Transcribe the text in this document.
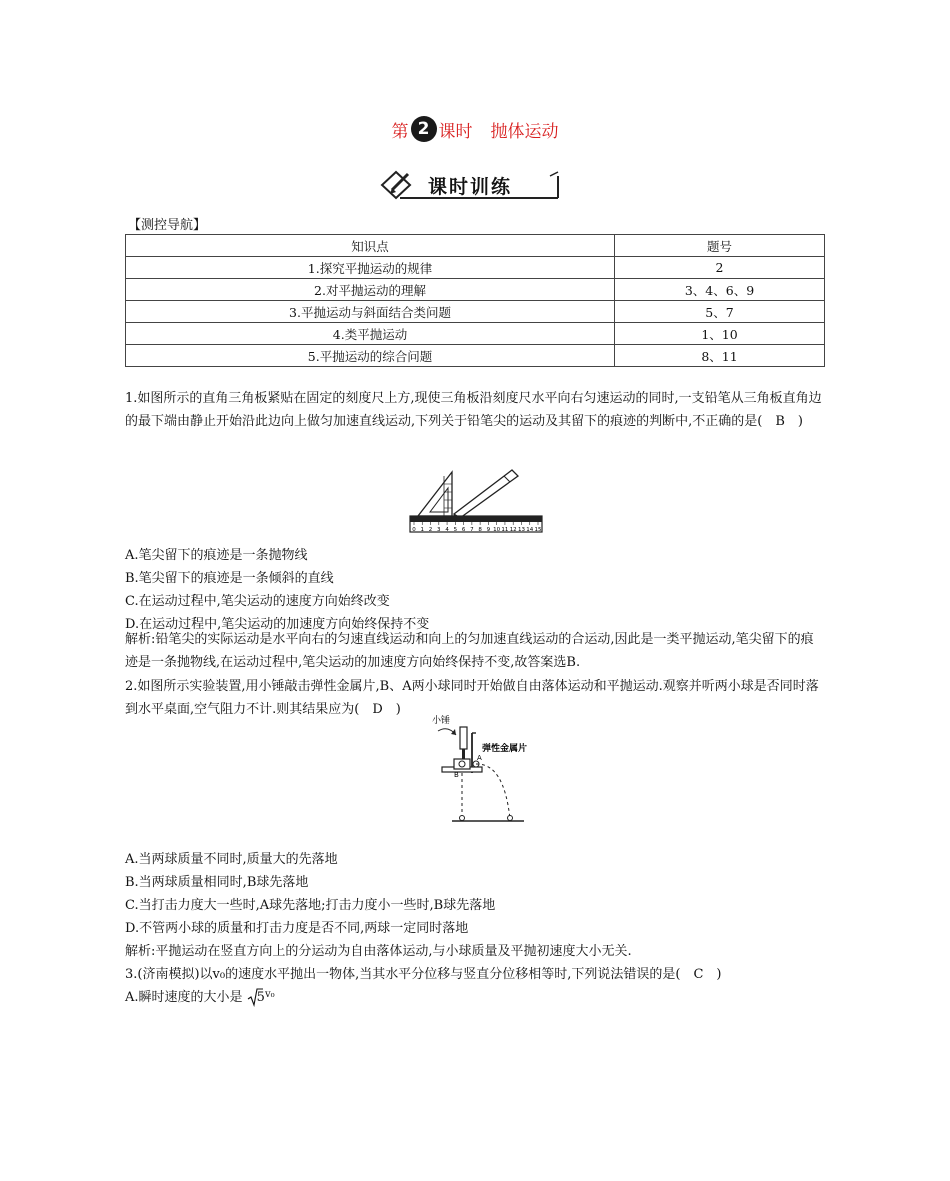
第 2 课时 抛体运动
课时训练
【测控导航】
知识点	题号
1.探究平抛运动的规律	2
2.对平抛运动的理解	3、4、6、9
3.平抛运动与斜面结合类问题	5、7
4.类平抛运动	1、10
5.平抛运动的综合问题	8、11
1.如图所示的直角三角板紧贴在固定的刻度尺上方,现使三角板沿刻度尺水平向右匀速运动的同时,一支铅笔从三角板直角边的最下端由静止开始沿此边向上做匀加速直线运动,下列关于铅笔尖的运动及其留下的痕迹的判断中,不正确的是(　B　)
0 1 2 3 4 5 6 7 8 9 10 11 12 13 14 15
A.笔尖留下的痕迹是一条抛物线
B.笔尖留下的痕迹是一条倾斜的直线
C.在运动过程中,笔尖运动的速度方向始终改变
D.在运动过程中,笔尖运动的加速度方向始终保持不变
解析:铅笔尖的实际运动是水平向右的匀速直线运动和向上的匀加速直线运动的合运动,因此是一类平抛运动,笔尖留下的痕迹是一条抛物线,在运动过程中,笔尖运动的加速度方向始终保持不变,故答案选B.
2.如图所示实验装置,用小锤敲击弹性金属片,B、A两小球同时开始做自由落体运动和平抛运动.观察并听两小球是否同时落到水平桌面,空气阻力不计.则其结果应为(　D　)
小锤
弹性金属片
A
B
A.当两球质量不同时,质量大的先落地
B.当两球质量相同时,B球先落地
C.当打击力度大一些时,A球先落地;打击力度小一些时,B球先落地
D.不管两小球的质量和打击力度是否不同,两球一定同时落地
解析:平抛运动在竖直方向上的分运动为自由落体运动,与小球质量及平抛初速度大小无关.
3.(济南模拟)以v₀的速度水平抛出一物体,当其水平分位移与竖直分位移相等时,下列说法错误的是(　C　)
A.瞬时速度的大小是 $5^{v_0}$
